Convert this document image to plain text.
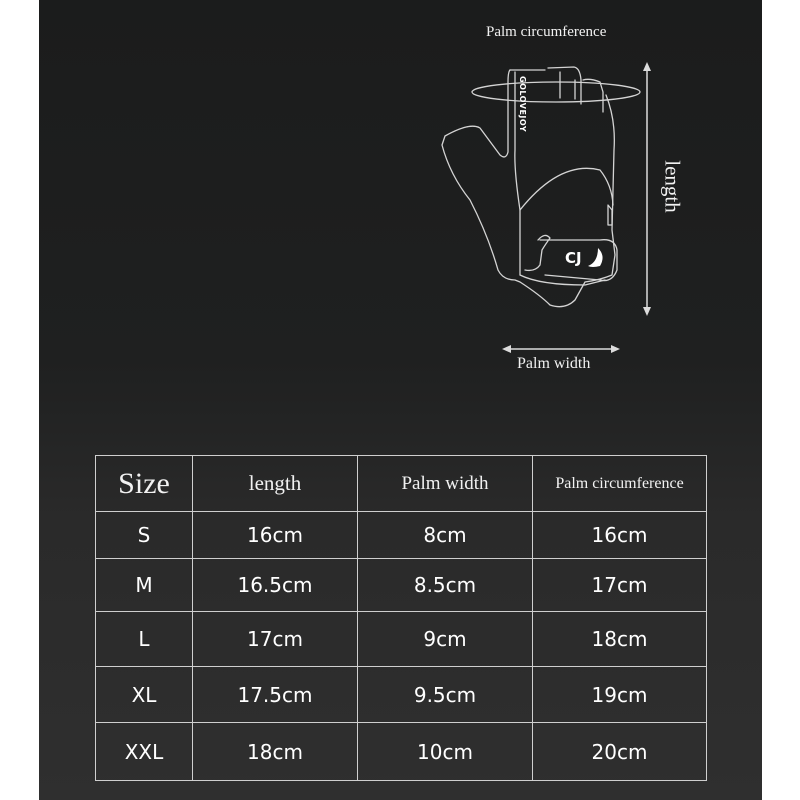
GOLOVEJOY
CJ
Palm circumference
length
Palm width
Size	length	Palm width	Palm circumference
S	16cm	8cm	16cm
M	16.5cm	8.5cm	17cm
L	17cm	9cm	18cm
XL	17.5cm	9.5cm	19cm
XXL	18cm	10cm	20cm
